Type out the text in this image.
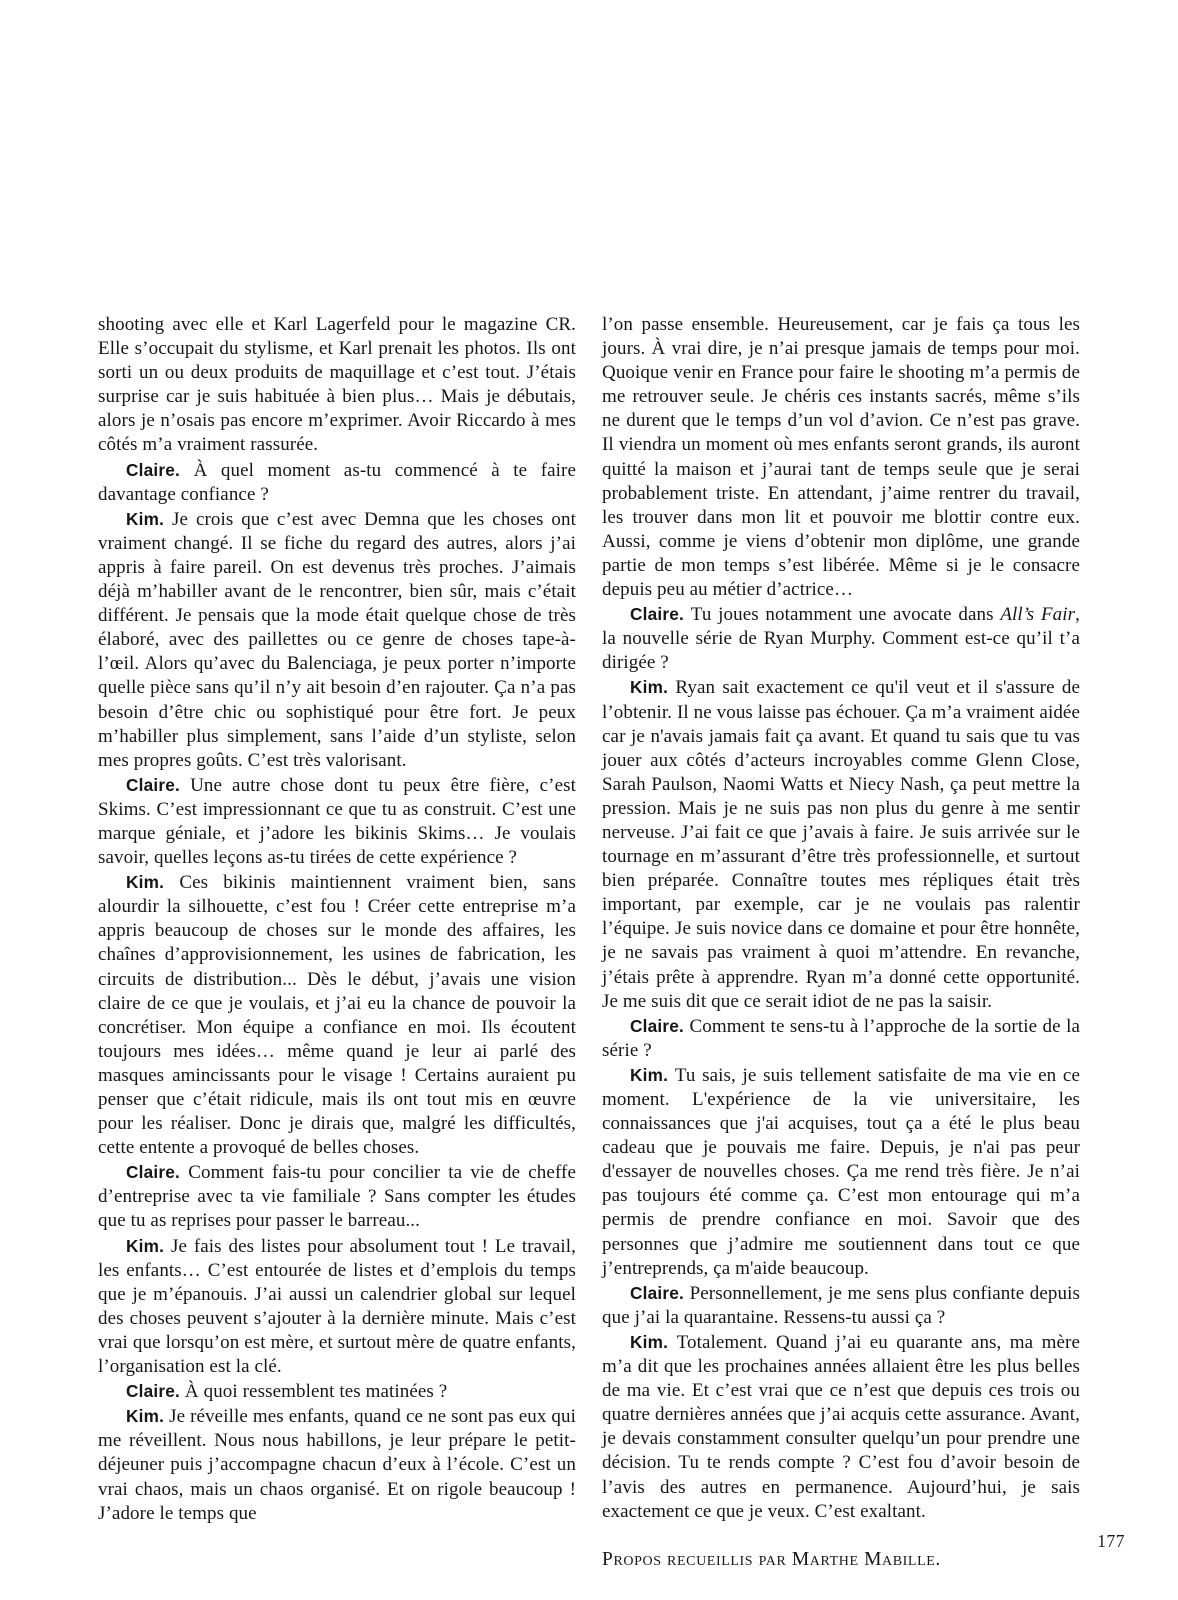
shooting avec elle et Karl Lagerfeld pour le magazine CR. Elle s’occupait du stylisme, et Karl prenait les photos. Ils ont sorti un ou deux produits de maquillage et c’est tout. J’étais surprise car je suis habituée à bien plus… Mais je débutais, alors je n’osais pas encore m’exprimer. Avoir Riccardo à mes côtés m’a vraiment rassurée.

Claire. À quel moment as-tu commencé à te faire davantage confiance ?

Kim. Je crois que c’est avec Demna que les choses ont vraiment changé. Il se fiche du regard des autres, alors j’ai appris à faire pareil. On est devenus très proches. J’aimais déjà m’habiller avant de le rencontrer, bien sûr, mais c’était différent. Je pensais que la mode était quelque chose de très élaboré, avec des paillettes ou ce genre de choses tape-à-l’œil. Alors qu’avec du Balenciaga, je peux porter n’importe quelle pièce sans qu’il n’y ait besoin d’en rajouter. Ça n’a pas besoin d’être chic ou sophistiqué pour être fort. Je peux m’habiller plus simplement, sans l’aide d’un styliste, selon mes propres goûts. C’est très valorisant.

Claire. Une autre chose dont tu peux être fière, c’est Skims. C’est impressionnant ce que tu as construit. C’est une marque géniale, et j’adore les bikinis Skims… Je voulais savoir, quelles leçons as-tu tirées de cette expérience ?

Kim. Ces bikinis maintiennent vraiment bien, sans alourdir la silhouette, c’est fou ! Créer cette entreprise m’a appris beaucoup de choses sur le monde des affaires, les chaînes d’approvisionnement, les usines de fabrication, les circuits de distribution... Dès le début, j’avais une vision claire de ce que je voulais, et j’ai eu la chance de pouvoir la concrétiser. Mon équipe a confiance en moi. Ils écoutent toujours mes idées… même quand je leur ai parlé des masques amincissants pour le visage ! Certains auraient pu penser que c’était ridicule, mais ils ont tout mis en œuvre pour les réaliser. Donc je dirais que, malgré les difficultés, cette entente a provoqué de belles choses.

Claire. Comment fais-tu pour concilier ta vie de cheffe d’entreprise avec ta vie familiale ? Sans compter les études que tu as reprises pour passer le barreau...

Kim. Je fais des listes pour absolument tout ! Le travail, les enfants… C’est entourée de listes et d’emplois du temps que je m’épanouis. J’ai aussi un calendrier global sur lequel des choses peuvent s’ajouter à la dernière minute. Mais c’est vrai que lorsqu’on est mère, et surtout mère de quatre enfants, l’organisation est la clé.

Claire. À quoi ressemblent tes matinées ?

Kim. Je réveille mes enfants, quand ce ne sont pas eux qui me réveillent. Nous nous habillons, je leur prépare le petit-déjeuner puis j’accompagne chacun d’eux à l’école. C’est un vrai chaos, mais un chaos organisé. Et on rigole beaucoup ! J’adore le temps que

l’on passe ensemble. Heureusement, car je fais ça tous les jours. À vrai dire, je n’ai presque jamais de temps pour moi. Quoique venir en France pour faire le shooting m’a permis de me retrouver seule. Je chéris ces instants sacrés, même s’ils ne durent que le temps d’un vol d’avion. Ce n’est pas grave. Il viendra un moment où mes enfants seront grands, ils auront quitté la maison et j’aurai tant de temps seule que je serai probablement triste. En attendant, j’aime rentrer du travail, les trouver dans mon lit et pouvoir me blottir contre eux. Aussi, comme je viens d’obtenir mon diplôme, une grande partie de mon temps s’est libérée. Même si je le consacre depuis peu au métier d’actrice…

Claire. Tu joues notamment une avocate dans All’s Fair, la nouvelle série de Ryan Murphy. Comment est-ce qu’il t’a dirigée ?

Kim. Ryan sait exactement ce qu'il veut et il s'assure de l’obtenir. Il ne vous laisse pas échouer. Ça m’a vraiment aidée car je n'avais jamais fait ça avant. Et quand tu sais que tu vas jouer aux côtés d’acteurs incroyables comme Glenn Close, Sarah Paulson, Naomi Watts et Niecy Nash, ça peut mettre la pression. Mais je ne suis pas non plus du genre à me sentir nerveuse. J’ai fait ce que j’avais à faire. Je suis arrivée sur le tournage en m’assurant d’être très professionnelle, et surtout bien préparée. Connaître toutes mes répliques était très important, par exemple, car je ne voulais pas ralentir l’équipe. Je suis novice dans ce domaine et pour être honnête, je ne savais pas vraiment à quoi m’attendre. En revanche, j’étais prête à apprendre. Ryan m’a donné cette opportunité. Je me suis dit que ce serait idiot de ne pas la saisir.

Claire. Comment te sens-tu à l’approche de la sortie de la série ?

Kim. Tu sais, je suis tellement satisfaite de ma vie en ce moment. L'expérience de la vie universitaire, les connaissances que j'ai acquises, tout ça a été le plus beau cadeau que je pouvais me faire. Depuis, je n'ai pas peur d'essayer de nouvelles choses. Ça me rend très fière. Je n’ai pas toujours été comme ça. C’est mon entourage qui m’a permis de prendre confiance en moi. Savoir que des personnes que j’admire me soutiennent dans tout ce que j’entreprends, ça m'aide beaucoup.

Claire. Personnellement, je me sens plus confiante depuis que j’ai la quarantaine. Ressens-tu aussi ça ?

Kim. Totalement. Quand j’ai eu quarante ans, ma mère m’a dit que les prochaines années allaient être les plus belles de ma vie. Et c’est vrai que ce n’est que depuis ces trois ou quatre dernières années que j’ai acquis cette assurance. Avant, je devais constamment consulter quelqu’un pour prendre une décision. Tu te rends compte ? C’est fou d’avoir besoin de l’avis des autres en permanence. Aujourd’hui, je sais exactement ce que je veux. C’est exaltant.

Propos recueillis par Marthe Mabille.

177
